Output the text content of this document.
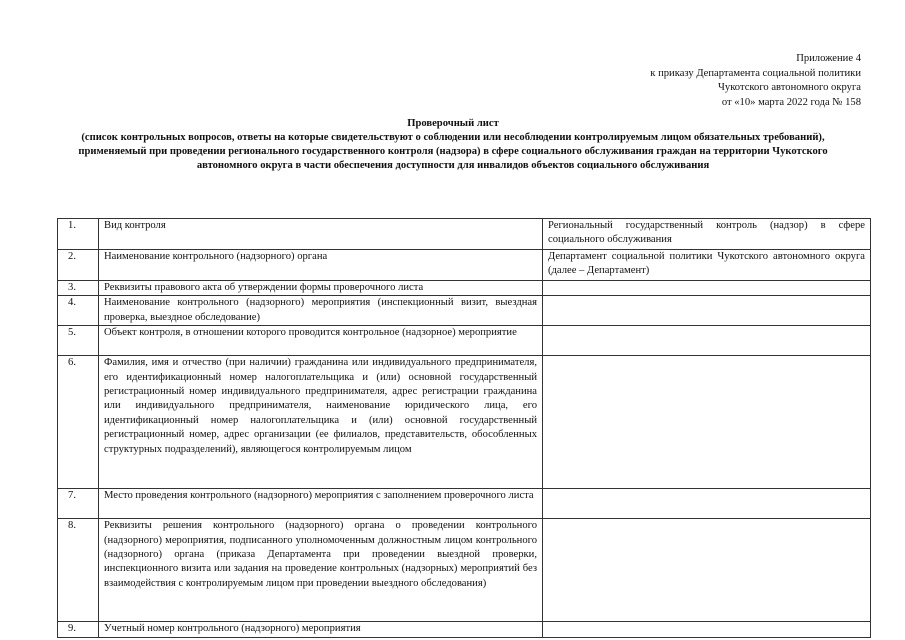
Приложение 4
к приказу Департамента социальной политики
Чукотского автономного округа
от «10» марта 2022 года № 158
Проверочный лист
(список контрольных вопросов, ответы на которые свидетельствуют о соблюдении или несоблюдении контролируемым лицом обязательных требований), применяемый при проведении регионального государственного контроля (надзора) в сфере социального обслуживания граждан на территории Чукотского автономного округа в части обеспечения доступности для инвалидов объектов социального обслуживания
1.	Вид контроля	Региональный государственный контроль (надзор) в сфере социального обслуживания
2.	Наименование контрольного (надзорного) органа	Департамент социальной политики Чукотского автономного округа (далее – Департамент)
3.	Реквизиты правового акта об утверждении формы проверочного листа	
4.	Наименование контрольного (надзорного) мероприятия (инспекционный визит, выездная проверка, выездное обследование)	
5.	Объект контроля, в отношении которого проводится контрольное (надзорное) мероприятие	
6.	Фамилия, имя и отчество (при наличии) гражданина или индивидуального предпринимателя, его идентификационный номер налогоплательщика и (или) основной государственный регистрационный номер индивидуального предпринимателя, адрес регистрации гражданина или индивидуального предпринимателя, наименование юридического лица, его идентификационный номер налогоплательщика и (или) основной государственный регистрационный номер, адрес организации (ее филиалов, представительств, обособленных структурных подразделений), являющегося контролируемым лицом	
7.	Место проведения контрольного (надзорного) мероприятия с заполнением проверочного листа	
8.	Реквизиты решения контрольного (надзорного) органа о проведении контрольного (надзорного) мероприятия, подписанного уполномоченным должностным лицом контрольного (надзорного) органа (приказа Департамента при проведении выездной проверки, инспекционного визита или задания на проведение контрольных (надзорных) мероприятий без взаимодействия с контролируемым лицом при проведении выездного обследования)	
9.	Учетный номер контрольного (надзорного) мероприятия	
